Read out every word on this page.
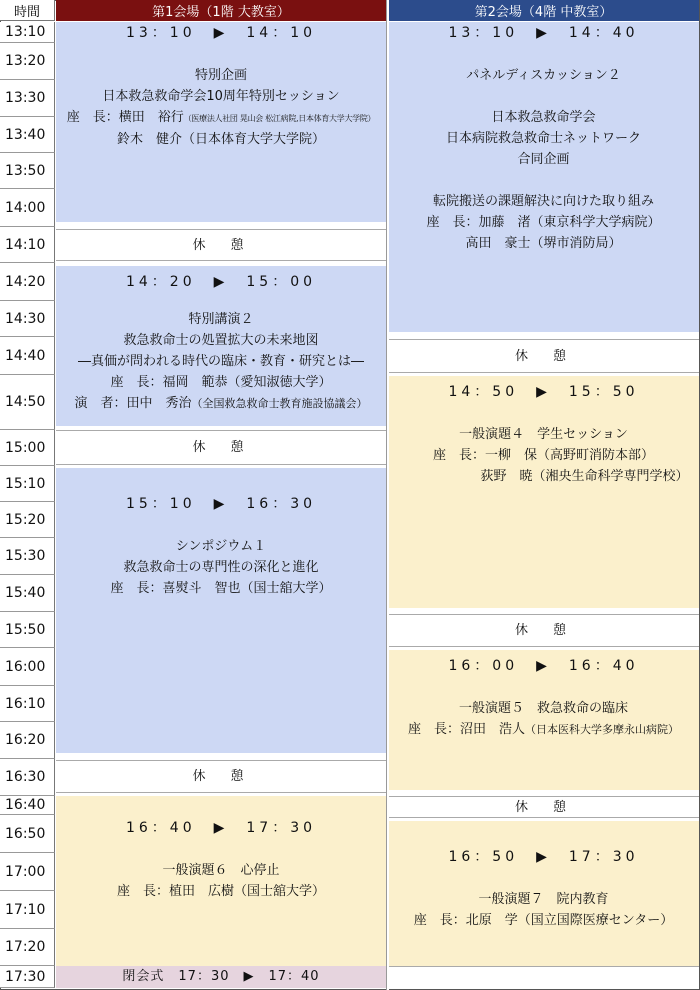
時間	第1会場（1階 大教室）	第2会場（4階 中教室）
13:10
13:20
13:30
13:40
13:50
14:00
14:10
14:20
14:30
14:40
14:50
15:00
15:10
15:20
15:30
15:40
15:50
16:00
16:10
16:20
16:30
16:40
16:50
17:00
17:10
17:20
17:30
13：10　▶　14：10
特別企画
日本救急救命学会10周年特別セッション
座　長：横田　裕行（医療法人社団 晃山会 松江病院,日本体育大学大学院）
鈴木　健介（日本体育大学大学院）
休　憩
14：20　▶　15：00
特別講演２
救急救命士の処置拡大の未来地図
―真価が問われる時代の臨床・教育・研究とは―
座　長：福岡　範恭（愛知淑徳大学）
演　者：田中　秀治（全国救急救命士教育施設協議会）
休　憩
15：10　▶　16：30
シンポジウム１
救急救命士の専門性の深化と進化
座　長：喜熨斗　智也（国士舘大学）
休　憩
16：40　▶　17：30
一般演題６　心停止
座　長：植田　広樹（国士舘大学）
閉会式　17：30　▶　17：40
13：10　▶　14：40
パネルディスカッション２
日本救急救命学会
日本病院救急救命士ネットワーク
合同企画
転院搬送の課題解決に向けた取り組み
座　長：加藤　渚（東京科学大学病院）
高田　豪士（堺市消防局）
休　憩
14：50　▶　15：50
一般演題４　学生セッション
座　長：一柳　保（高野町消防本部）
荻野　暁（湘央生命科学専門学校）
休　憩
16：00　▶　16：40
一般演題５　救急救命の臨床
座　長：沼田　浩人（日本医科大学多摩永山病院）
休　憩
16：50　▶　17：30
一般演題７　院内教育
座　長：北原　学（国立国際医療センター）
